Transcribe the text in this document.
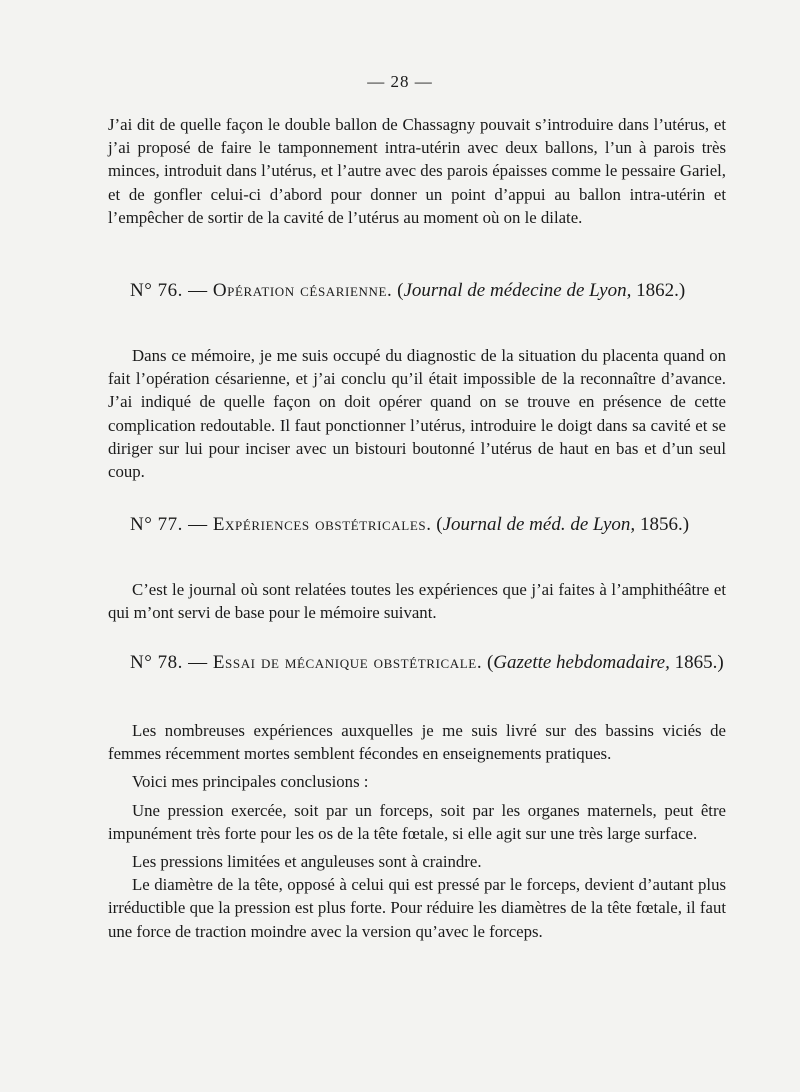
— 28 —

J’ai dit de quelle façon le double ballon de Chassagny pouvait s’introduire dans l’utérus, et j’ai proposé de faire le tamponnement intra-utérin avec deux ballons, l’un à parois très minces, introduit dans l’utérus, et l’autre avec des parois épaisses comme le pessaire Gariel, et de gonfler celui-ci d’abord pour donner un point d’appui au ballon intra-utérin et l’empêcher de sortir de la cavité de l’utérus au moment où on le dilate.

N° 76. — Opération césarienne. (Journal de médecine de Lyon, 1862.)

Dans ce mémoire, je me suis occupé du diagnostic de la situation du placenta quand on fait l’opération césarienne, et j’ai conclu qu’il était impossible de la reconnaître d’avance. J’ai indiqué de quelle façon on doit opérer quand on se trouve en présence de cette complication redoutable. Il faut ponctionner l’utérus, introduire le doigt dans sa cavité et se diriger sur lui pour inciser avec un bistouri boutonné l’utérus de haut en bas et d’un seul coup.

N° 77. — Expériences obstétricales. (Journal de méd. de Lyon, 1856.)

C’est le journal où sont relatées toutes les expériences que j’ai faites à l’amphithéâtre et qui m’ont servi de base pour le mémoire suivant.

N° 78. — Essai de mécanique obstétricale. (Gazette hebdomadaire, 1865.)

Les nombreuses expériences auxquelles je me suis livré sur des bassins viciés de femmes récemment mortes semblent fécondes en enseignements pratiques.

Voici mes principales conclusions :

Une pression exercée, soit par un forceps, soit par les organes maternels, peut être impunément très forte pour les os de la tête fœtale, si elle agit sur une très large surface.

Les pressions limitées et anguleuses sont à craindre.

Le diamètre de la tête, opposé à celui qui est pressé par le forceps, devient d’autant plus irréductible que la pression est plus forte. Pour réduire les diamètres de la tête fœtale, il faut une force de traction moindre avec la version qu’avec le forceps.
